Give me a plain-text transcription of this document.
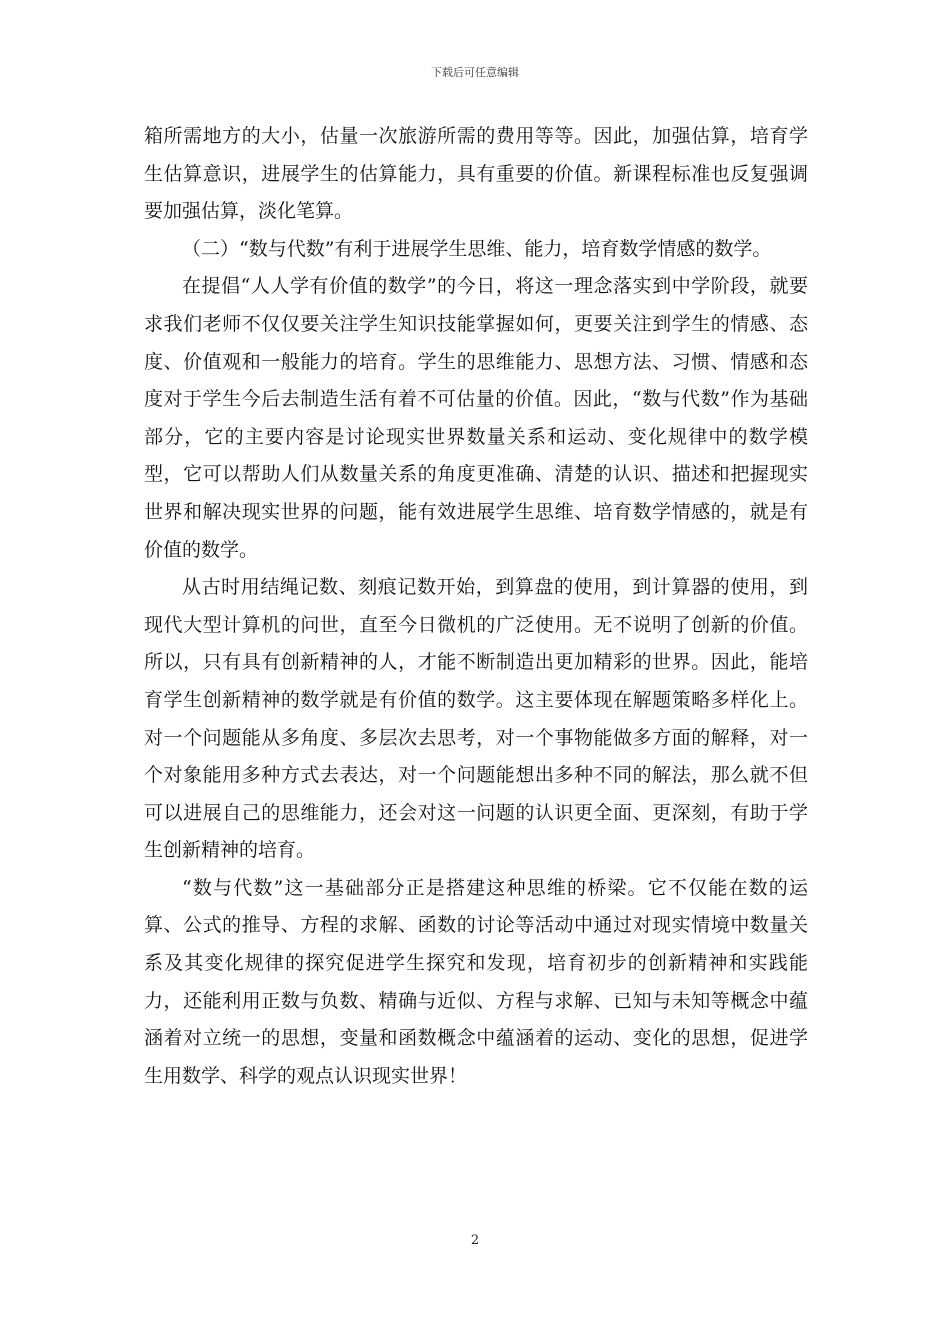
下载后可任意编辑

箱所需地方的大小，估量一次旅游所需的费用等等。因此，加强估算，培育学生估算意识，进展学生的估算能力，具有重要的价值。新课程标准也反复强调要加强估算，淡化笔算。

（二）“数与代数”有利于进展学生思维、能力，培育数学情感的数学。

在提倡“人人学有价值的数学”的今日，将这一理念落实到中学阶段，就要求我们老师不仅仅要关注学生知识技能掌握如何，更要关注到学生的情感、态度、价值观和一般能力的培育。学生的思维能力、思想方法、习惯、情感和态度对于学生今后去制造生活有着不可估量的价值。因此，“数与代数”作为基础部分，它的主要内容是讨论现实世界数量关系和运动、变化规律中的数学模型，它可以帮助人们从数量关系的角度更准确、清楚的认识、描述和把握现实世界和解决现实世界的问题，能有效进展学生思维、培育数学情感的，就是有价值的数学。

从古时用结绳记数、刻痕记数开始，到算盘的使用，到计算器的使用，到现代大型计算机的问世，直至今日微机的广泛使用。无不说明了创新的价值。所以，只有具有创新精神的人，才能不断制造出更加精彩的世界。因此，能培育学生创新精神的数学就是有价值的数学。这主要体现在解题策略多样化上。对一个问题能从多角度、多层次去思考，对一个事物能做多方面的解释，对一个对象能用多种方式去表达，对一个问题能想出多种不同的解法，那么就不但可以进展自己的思维能力，还会对这一问题的认识更全面、更深刻，有助于学生创新精神的培育。

“数与代数”这一基础部分正是搭建这种思维的桥梁。它不仅能在数的运算、公式的推导、方程的求解、函数的讨论等活动中通过对现实情境中数量关系及其变化规律的探究促进学生探究和发现，培育初步的创新精神和实践能力，还能利用正数与负数、精确与近似、方程与求解、已知与未知等概念中蕴涵着对立统一的思想，变量和函数概念中蕴涵着的运动、变化的思想，促进学生用数学、科学的观点认识现实世界！

2
